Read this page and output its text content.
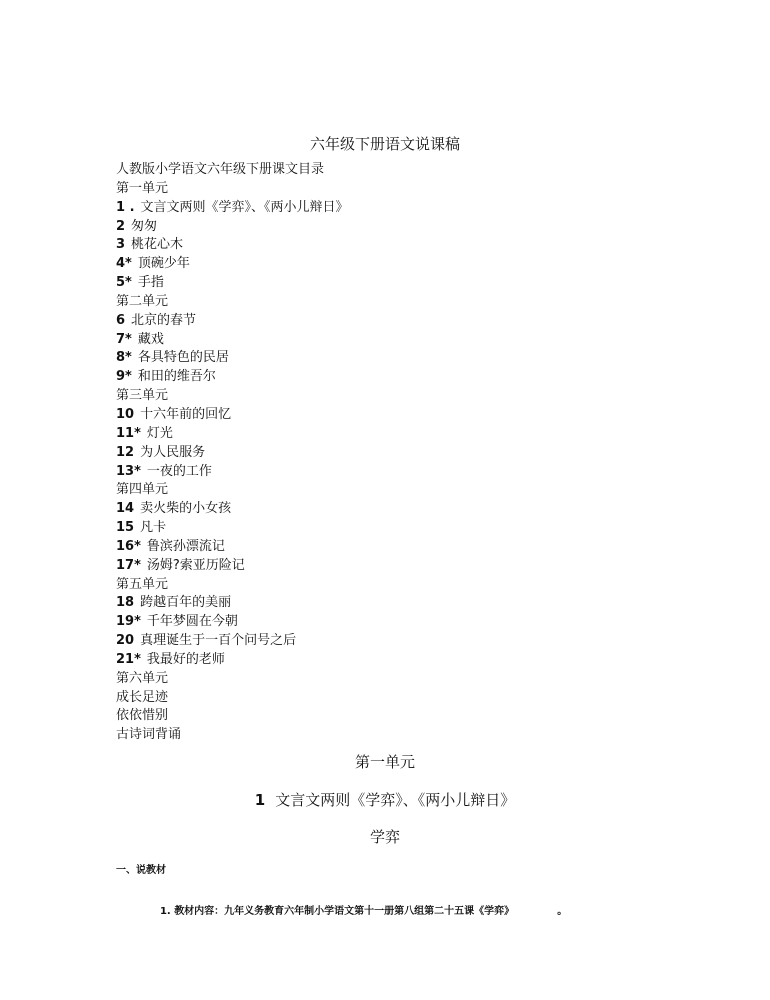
六年级下册语文说课稿
人教版小学语文六年级下册课文目录
第一单元
1 . 文言文两则《学弈》、《两小儿辩日》
2 匆匆
3 桃花心木
4* 顶碗少年
5* 手指
第二单元
6 北京的春节
7* 藏戏
8* 各具特色的民居
9* 和田的维吾尔
第三单元
10 十六年前的回忆
11* 灯光
12 为人民服务
13* 一夜的工作
第四单元
14 卖火柴的小女孩
15 凡卡
16* 鲁滨孙漂流记
17* 汤姆?索亚历险记
第五单元
18 跨越百年的美丽
19* 千年梦圆在今朝
20 真理诞生于一百个问号之后
21* 我最好的老师
第六单元
成长足迹
依依惜别
古诗词背诵
第一单元
1 文言文两则《学弈》、《两小儿辩日》
学弈
一、说教材

1. 教材内容：九年义务教育六年制小学语文第十一册第八组第二十五课《学弈》	。
